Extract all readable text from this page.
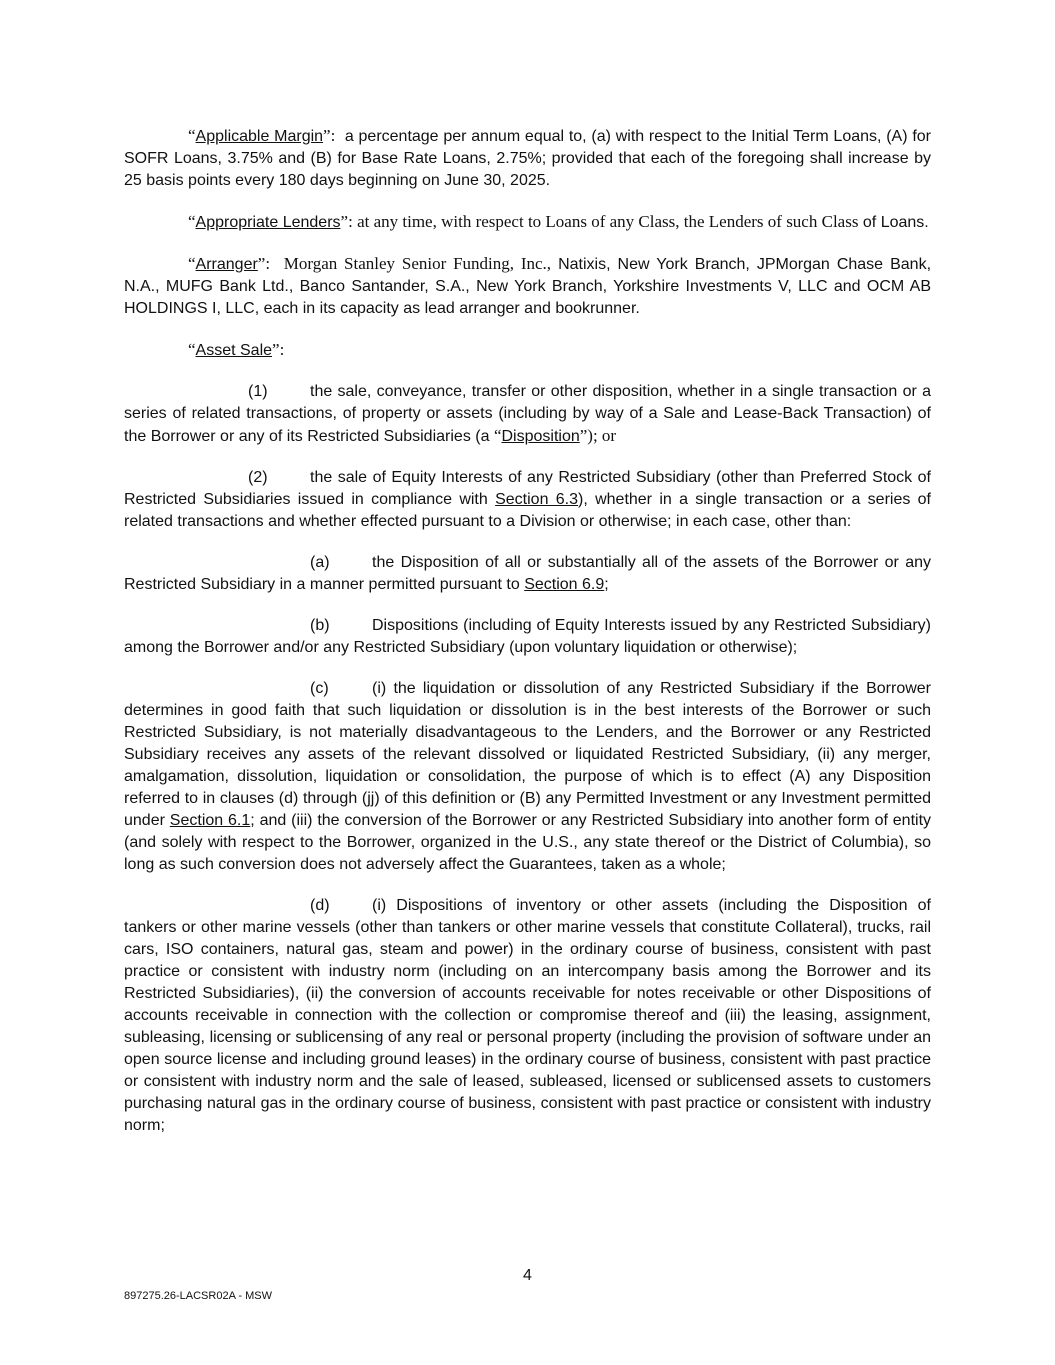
“Applicable Margin”: a percentage per annum equal to, (a) with respect to the Initial Term Loans, (A) for SOFR Loans, 3.75% and (B) for Base Rate Loans, 2.75%; provided that each of the foregoing shall increase by 25 basis points every 180 days beginning on June 30, 2025.

“Appropriate Lenders”: at any time, with respect to Loans of any Class, the Lenders of such Class of Loans.

“Arranger”:  Morgan Stanley Senior Funding, Inc., Natixis, New York Branch, JPMorgan Chase Bank, N.A., MUFG Bank Ltd., Banco Santander, S.A., New York Branch, Yorkshire Investments V, LLC and OCM AB HOLDINGS I, LLC, each in its capacity as lead arranger and bookrunner.

“Asset Sale”:

(1)	the sale, conveyance, transfer or other disposition, whether in a single transaction or a series of related transactions, of property or assets (including by way of a Sale and Lease-Back Transaction) of the Borrower or any of its Restricted Subsidiaries (a “Disposition”); or

(2)	the sale of Equity Interests of any Restricted Subsidiary (other than Preferred Stock of Restricted Subsidiaries issued in compliance with Section 6.3), whether in a single transaction or a series of related transactions and whether effected pursuant to a Division or otherwise; in each case, other than:

(a)	the Disposition of all or substantially all of the assets of the Borrower or any Restricted Subsidiary in a manner permitted pursuant to Section 6.9;

(b)	Dispositions (including of Equity Interests issued by any Restricted Subsidiary) among the Borrower and/or any Restricted Subsidiary (upon voluntary liquidation or otherwise);

(c)	(i) the liquidation or dissolution of any Restricted Subsidiary if the Borrower determines in good faith that such liquidation or dissolution is in the best interests of the Borrower or such Restricted Subsidiary, is not materially disadvantageous to the Lenders, and the Borrower or any Restricted Subsidiary receives any assets of the relevant dissolved or liquidated Restricted Subsidiary, (ii) any merger, amalgamation, dissolution, liquidation or consolidation, the purpose of which is to effect (A) any Disposition referred to in clauses (d) through (jj) of this definition or (B) any Permitted Investment or any Investment permitted under Section 6.1; and (iii) the conversion of the Borrower or any Restricted Subsidiary into another form of entity (and solely with respect to the Borrower, organized in the U.S., any state thereof or the District of Columbia), so long as such conversion does not adversely affect the Guarantees, taken as a whole;

(d)	(i) Dispositions of inventory or other assets (including the Disposition of tankers or other marine vessels (other than tankers or other marine vessels that constitute Collateral), trucks, rail cars, ISO containers, natural gas, steam and power) in the ordinary course of business, consistent with past practice or consistent with industry norm (including on an intercompany basis among the Borrower and its Restricted Subsidiaries), (ii) the conversion of accounts receivable for notes receivable or other Dispositions of accounts receivable in connection with the collection or compromise thereof and (iii) the leasing, assignment, subleasing, licensing or sublicensing of any real or personal property (including the provision of software under an open source license and including ground leases) in the ordinary course of business, consistent with past practice or consistent with industry norm and the sale of leased, subleased, licensed or sublicensed assets to customers purchasing natural gas in the ordinary course of business, consistent with past practice or consistent with industry norm;

4
897275.26-LACSR02A - MSW
